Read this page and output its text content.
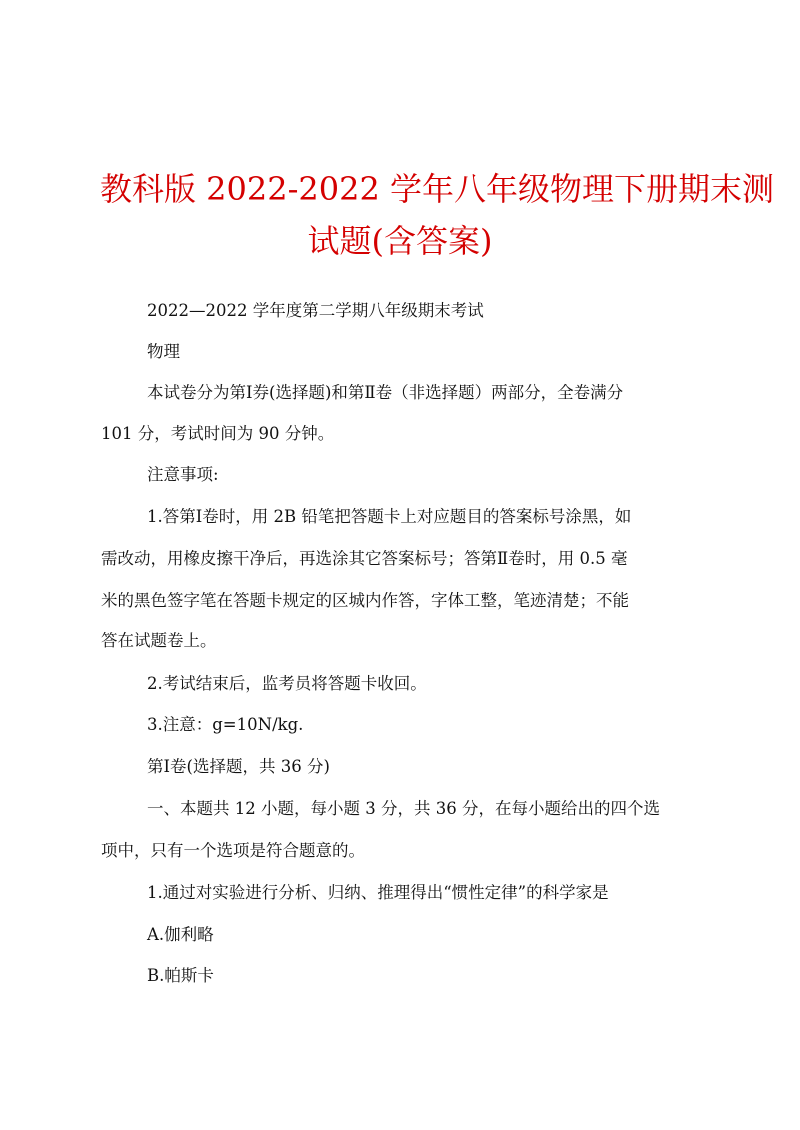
教科版 2022-2022 学年八年级物理下册期末测
试题(含答案)
2022—2022 学年度第二学期八年级期末考试
物理
本试卷分为第Ⅰ券(选择题)和第Ⅱ卷（非选择题）两部分，全卷满分
101 分，考试时间为 90 分钟。
注意事项:
1.答第Ⅰ卷时，用 2B 铅笔把答题卡上对应题目的答案标号涂黑，如
需改动，用橡皮擦干净后，再选涂其它答案标号；答第Ⅱ卷时，用 0.5 毫
米的黑色签字笔在答题卡规定的区城内作答，字体工整，笔迹清楚；不能
答在试题卷上。
2.考试结束后，监考员将答题卡收回。
3.注意：g=10N/kg.
第Ⅰ卷(选择题，共 36 分)
一、本题共 12 小题，每小题 3 分，共 36 分，在每小题给出的四个选
项中，只有一个选项是符合题意的。
1.通过对实验进行分析、归纳、推理得出“惯性定律”的科学家是
A.伽利略
B.帕斯卡
